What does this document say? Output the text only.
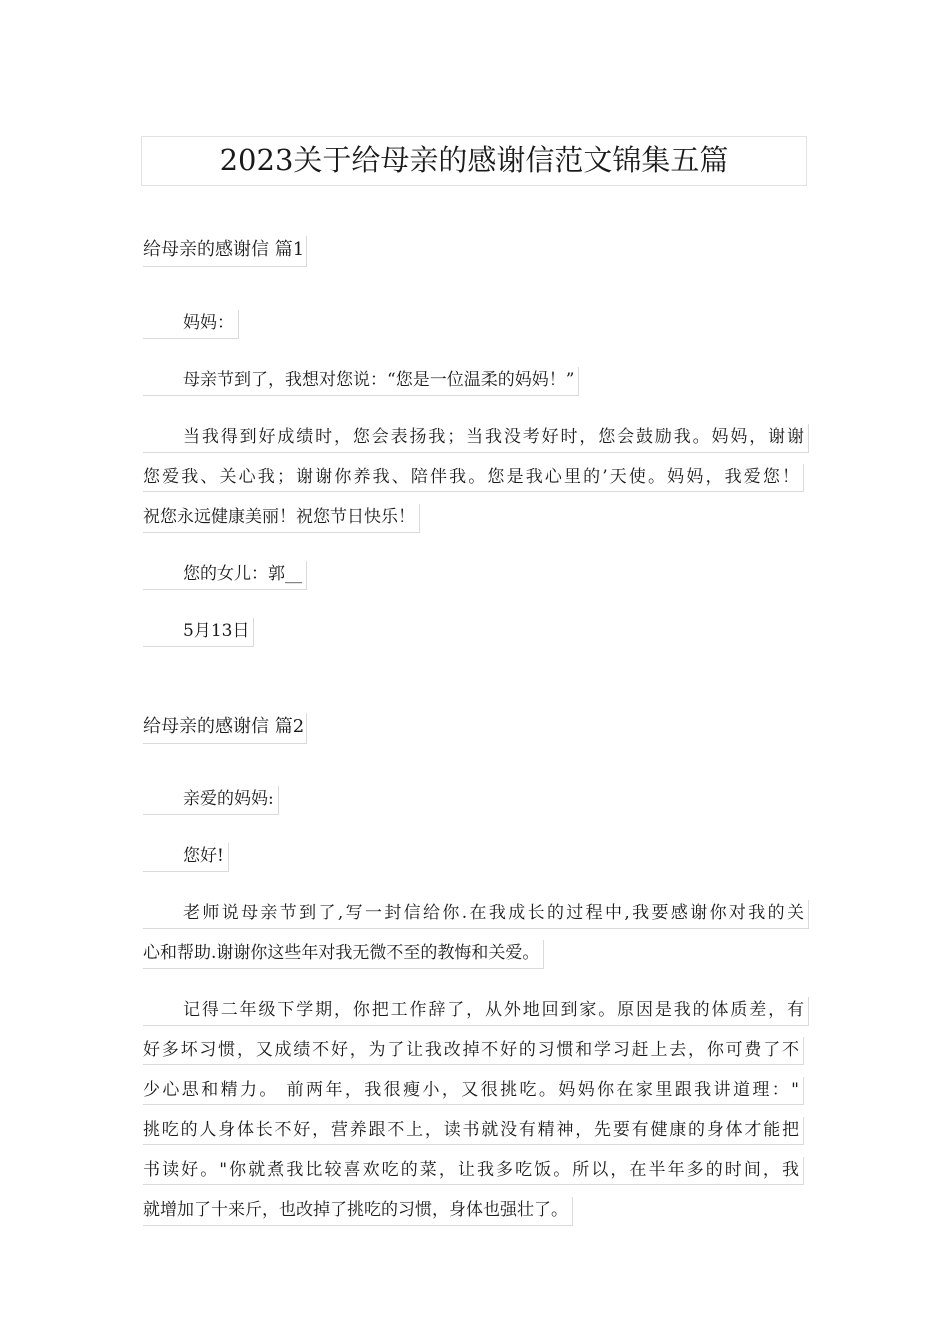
2023关于给母亲的感谢信范文锦集五篇
给母亲的感谢信 篇1
妈妈：
母亲节到了，我想对您说：“您是一位温柔的妈妈！”
当我得到好成绩时，您会表扬我；当我没考好时，您会鼓励我。妈妈，谢谢
您爱我、关心我；谢谢你养我、陪伴我。您是我心里的’天使。妈妈，我爱您！
祝您永远健康美丽！祝您节日快乐！
您的女儿：郭__
5月13日
给母亲的感谢信 篇2
亲爱的妈妈:
您好!
老师说母亲节到了,写一封信给你.在我成长的过程中,我要感谢你对我的关
心和帮助.谢谢你这些年对我无微不至的教悔和关爱。
记得二年级下学期，你把工作辞了，从外地回到家。原因是我的体质差，有
好多坏习惯，又成绩不好，为了让我改掉不好的习惯和学习赶上去，你可费了不
少心思和精力。 前两年，我很瘦小，又很挑吃。妈妈你在家里跟我讲道理："
挑吃的人身体长不好，营养跟不上，读书就没有精神，先要有健康的身体才能把
书读好。"你就煮我比较喜欢吃的菜，让我多吃饭。所以，在半年多的时间，我
就增加了十来斤，也改掉了挑吃的习惯，身体也强壮了。
